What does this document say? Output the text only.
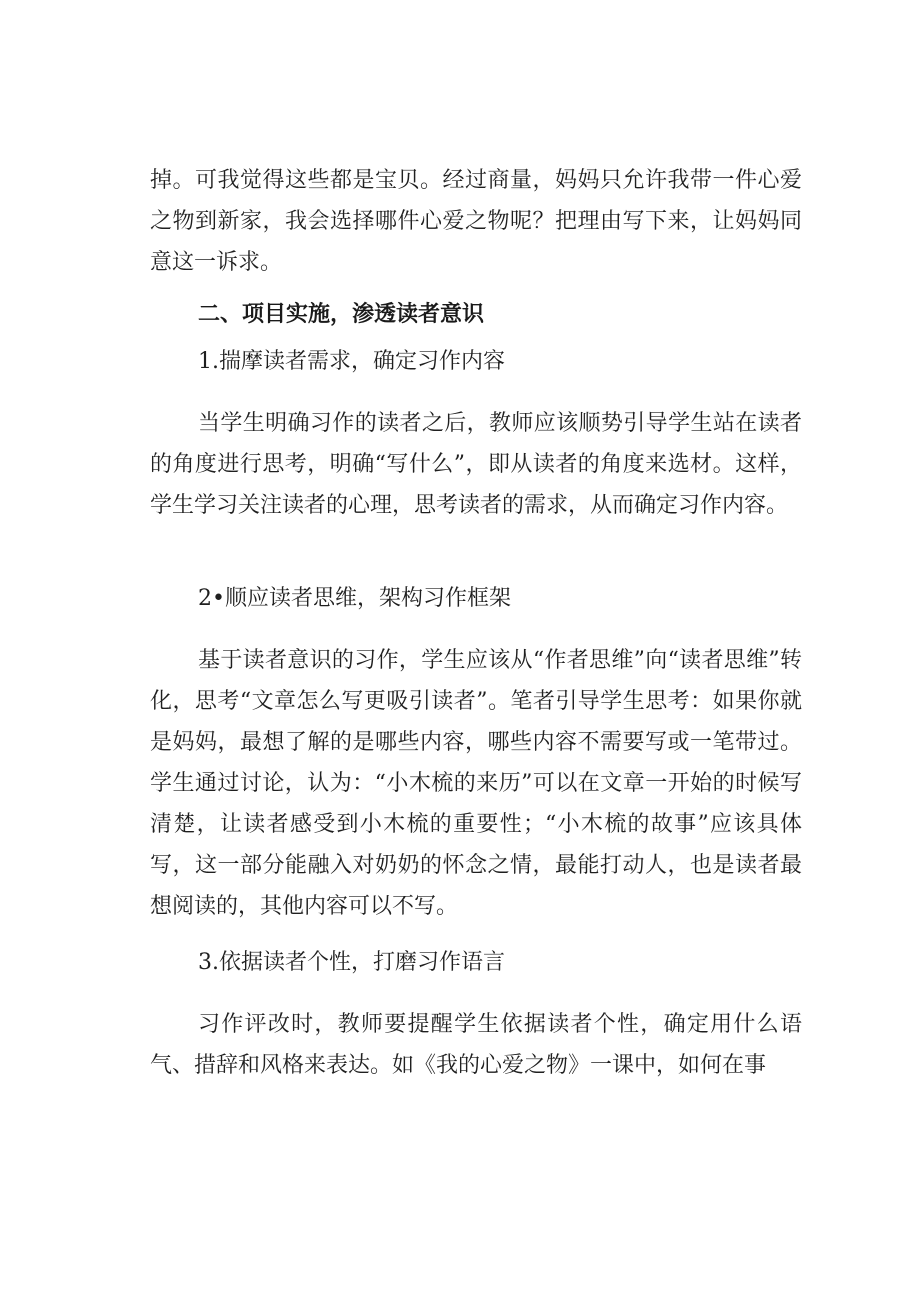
掉。可我觉得这些都是宝贝。经过商量，妈妈只允许我带一件心爱之物到新家，我会选择哪件心爱之物呢？把理由写下来，让妈妈同意这一诉求。

二、项目实施，渗透读者意识
1.揣摩读者需求，确定习作内容

当学生明确习作的读者之后，教师应该顺势引导学生站在读者的角度进行思考，明确“写什么”，即从读者的角度来选材。这样，学生学习关注读者的心理，思考读者的需求，从而确定习作内容。

2•顺应读者思维，架构习作框架

基于读者意识的习作，学生应该从“作者思维”向“读者思维”转化，思考“文章怎么写更吸引读者”。笔者引导学生思考：如果你就是妈妈，最想了解的是哪些内容，哪些内容不需要写或一笔带过。学生通过讨论，认为：“小木梳的来历”可以在文章一开始的时候写清楚，让读者感受到小木梳的重要性；“小木梳的故事”应该具体写，这一部分能融入对奶奶的怀念之情，最能打动人，也是读者最想阅读的，其他内容可以不写。

3.依据读者个性，打磨习作语言

习作评改时，教师要提醒学生依据读者个性，确定用什么语气、措辞和风格来表达。如《我的心爱之物》一课中，如何在事
